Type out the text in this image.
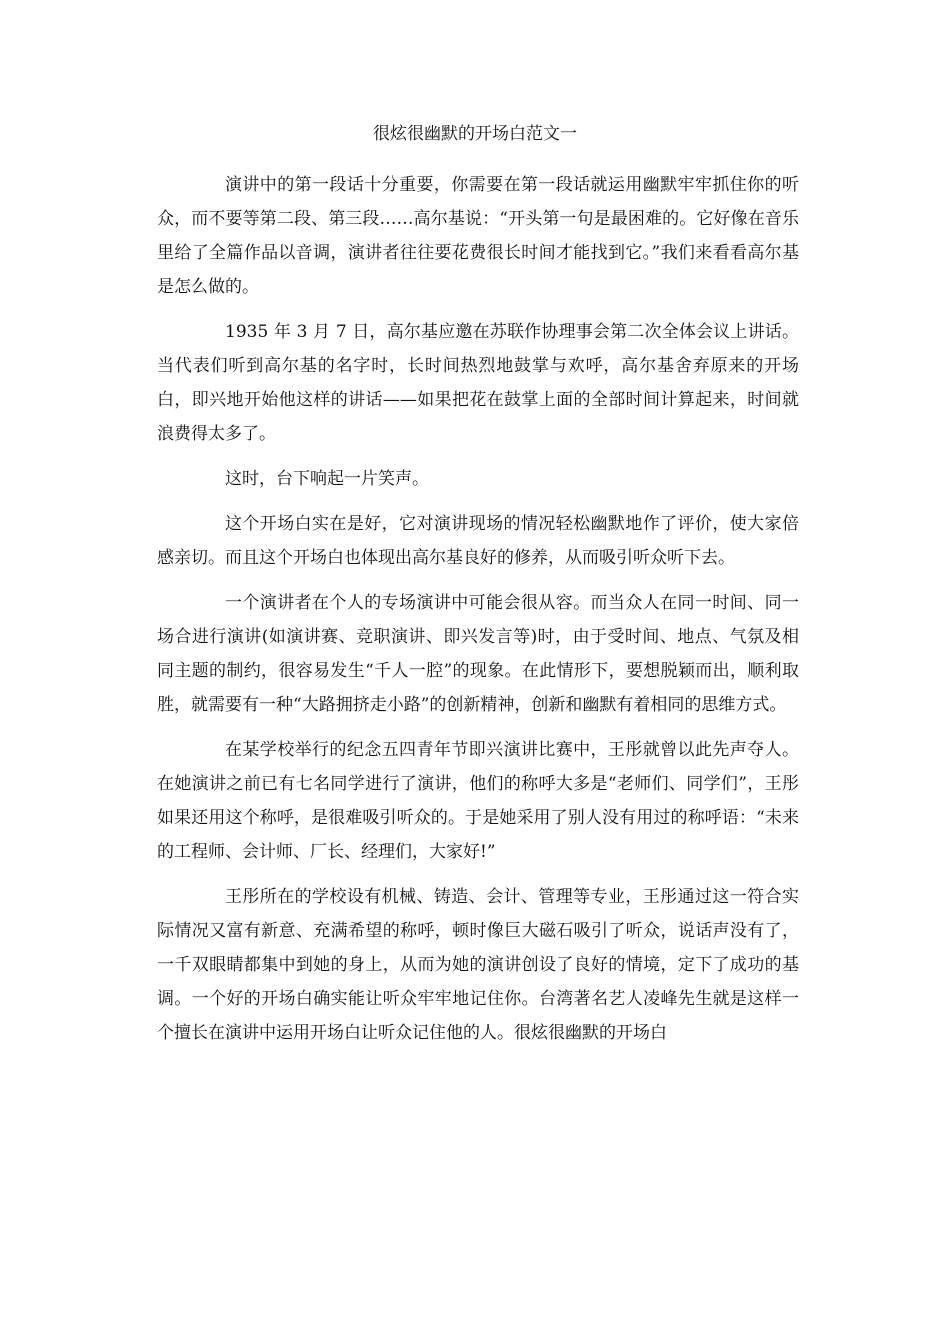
很炫很幽默的开场白范文一

演讲中的第一段话十分重要，你需要在第一段话就运用幽默牢牢抓住你的听众，而不要等第二段、第三段……高尔基说：“开头第一句是最困难的。它好像在音乐里给了全篇作品以音调，演讲者往往要花费很长时间才能找到它。”我们来看看高尔基是怎么做的。

1935 年 3 月 7 日，高尔基应邀在苏联作协理事会第二次全体会议上讲话。当代表们听到高尔基的名字时，长时间热烈地鼓掌与欢呼，高尔基舍弃原来的开场白，即兴地开始他这样的讲话——如果把花在鼓掌上面的全部时间计算起来，时间就浪费得太多了。

这时，台下响起一片笑声。

这个开场白实在是好，它对演讲现场的情况轻松幽默地作了评价，使大家倍感亲切。而且这个开场白也体现出高尔基良好的修养，从而吸引听众听下去。

一个演讲者在个人的专场演讲中可能会很从容。而当众人在同一时间、同一场合进行演讲(如演讲赛、竞职演讲、即兴发言等)时，由于受时间、地点、气氛及相同主题的制约，很容易发生“千人一腔”的现象。在此情形下，要想脱颖而出，顺利取胜，就需要有一种“大路拥挤走小路”的创新精神，创新和幽默有着相同的思维方式。

在某学校举行的纪念五四青年节即兴演讲比赛中，王彤就曾以此先声夺人。在她演讲之前已有七名同学进行了演讲，他们的称呼大多是“老师们、同学们”，王彤如果还用这个称呼，是很难吸引听众的。于是她采用了别人没有用过的称呼语：“未来的工程师、会计师、厂长、经理们，大家好!”

王彤所在的学校设有机械、铸造、会计、管理等专业，王彤通过这一符合实际情况又富有新意、充满希望的称呼，顿时像巨大磁石吸引了听众，说话声没有了，一千双眼睛都集中到她的身上，从而为她的演讲创设了良好的情境，定下了成功的基调。一个好的开场白确实能让听众牢牢地记住你。台湾著名艺人凌峰先生就是这样一个擅长在演讲中运用开场白让听众记住他的人。很炫很幽默的开场白
